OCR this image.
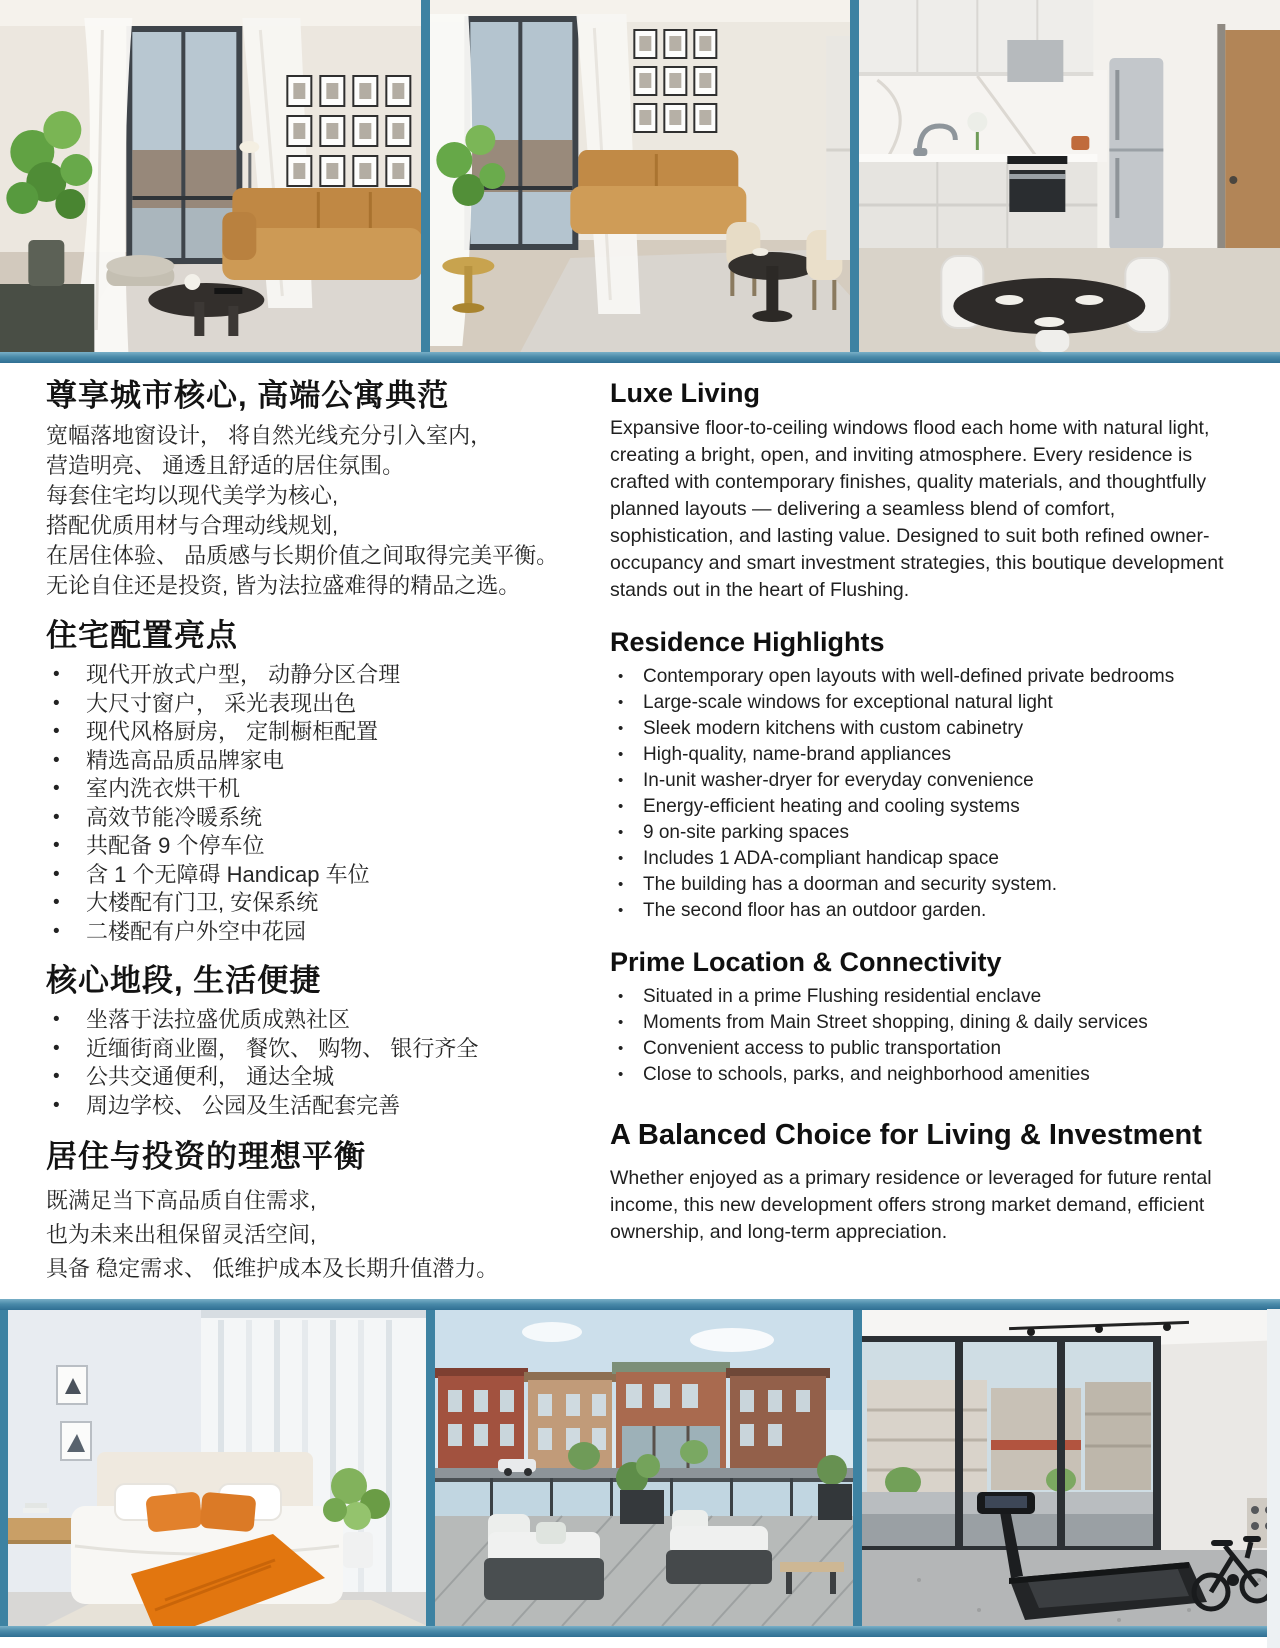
尊享城市核心, 高端公寓典范
宽幅落地窗设计， 将自然光线充分引入室内，
营造明亮、 通透且舒适的居住氛围。
每套住宅均以现代美学为核心,
搭配优质用材与合理动线规划,
在居住体验、 品质感与长期价值之间取得完美平衡。
无论自住还是投资, 皆为法拉盛难得的精品之选。
住宅配置亮点
• 现代开放式户型， 动静分区合理
• 大尺寸窗户， 采光表现出色
• 现代风格厨房， 定制橱柜配置
• 精选高品质品牌家电
• 室内洗衣烘干机
• 高效节能冷暖系统
• 共配备 9 个停车位
• 含 1 个无障碍 Handicap 车位
• 大楼配有门卫, 安保系统
• 二楼配有户外空中花园
核心地段, 生活便捷
• 坐落于法拉盛优质成熟社区
• 近缅街商业圈， 餐饮、 购物、 银行齐全
• 公共交通便利， 通达全城
• 周边学校、 公园及生活配套完善
居住与投资的理想平衡
既满足当下高品质自住需求,
也为未来出租保留灵活空间,
具备 稳定需求、 低维护成本及长期升值潜力。
Luxe Living

Expansive floor-to-ceiling windows flood each home with natural light, creating a bright, open, and inviting atmosphere. Every residence is crafted with contemporary finishes, quality materials, and thoughtfully planned layouts — delivering a seamless blend of comfort, sophistication, and lasting value. Designed to suit both refined owner-occupancy and smart investment strategies, this boutique development stands out in the heart of Flushing.

Residence Highlights
• Contemporary open layouts with well-defined private bedrooms
• Large-scale windows for exceptional natural light
• Sleek modern kitchens with custom cabinetry
• High-quality, name-brand appliances
• In-unit washer-dryer for everyday convenience
• Energy-efficient heating and cooling systems
• 9 on-site parking spaces
• Includes 1 ADA-compliant handicap space
• The building has a doorman and security system.
• The second floor has an outdoor garden.
Prime Location & Connectivity
• Situated in a prime Flushing residential enclave
• Moments from Main Street shopping, dining & daily services
• Convenient access to public transportation
• Close to schools, parks, and neighborhood amenities
A Balanced Choice for Living & Investment

Whether enjoyed as a primary residence or leveraged for future rental income, this new development offers strong market demand, efficient ownership, and long-term appreciation.
